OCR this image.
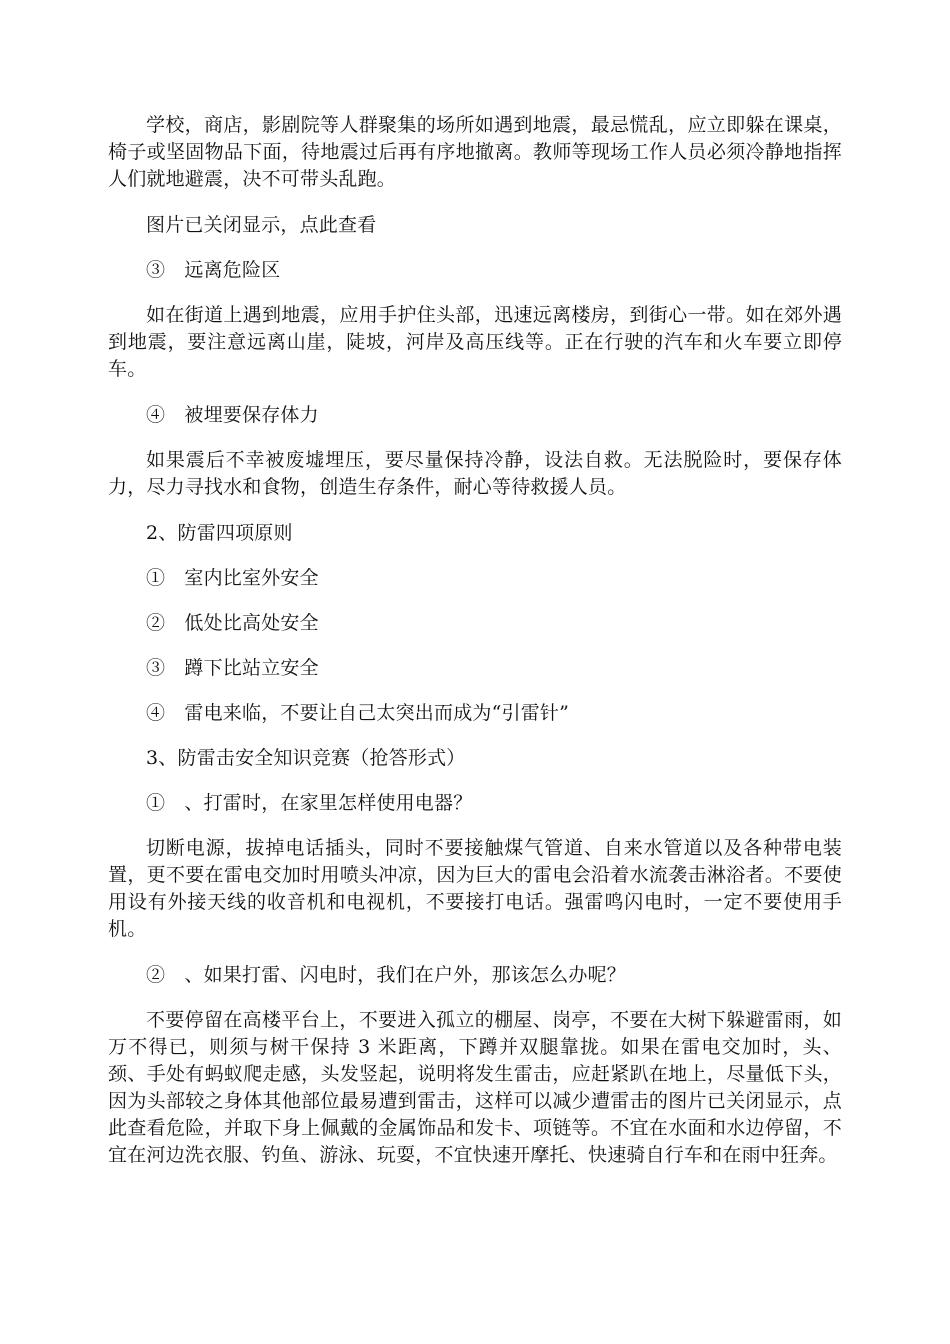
学校，商店，影剧院等人群聚集的场所如遇到地震，最忌慌乱，应立即躲在课桌，椅子或坚固物品下面，待地震过后再有序地撤离。教师等现场工作人员必须冷静地指挥人们就地避震，决不可带头乱跑。

图片已关闭显示，点此查看

③　远离危险区

如在街道上遇到地震，应用手护住头部，迅速远离楼房，到街心一带。如在郊外遇到地震，要注意远离山崖，陡坡，河岸及高压线等。正在行驶的汽车和火车要立即停车。

④　被埋要保存体力

如果震后不幸被废墟埋压，要尽量保持冷静，设法自救。无法脱险时，要保存体力，尽力寻找水和食物，创造生存条件，耐心等待救援人员。

2、防雷四项原则

①　室内比室外安全

②　低处比高处安全

③　蹲下比站立安全

④　雷电来临，不要让自己太突出而成为“引雷针”

3、防雷击安全知识竞赛（抢答形式）

①　、打雷时，在家里怎样使用电器？

切断电源，拔掉电话插头，同时不要接触煤气管道、自来水管道以及各种带电装置，更不要在雷电交加时用喷头冲凉，因为巨大的雷电会沿着水流袭击淋浴者。不要使用设有外接天线的收音机和电视机，不要接打电话。强雷鸣闪电时，一定不要使用手机。

②　、如果打雷、闪电时，我们在户外，那该怎么办呢？

不要停留在高楼平台上，不要进入孤立的棚屋、岗亭，不要在大树下躲避雷雨，如万不得已，则须与树干保持 3 米距离，下蹲并双腿靠拢。如果在雷电交加时，头、颈、手处有蚂蚁爬走感，头发竖起，说明将发生雷击，应赶紧趴在地上，尽量低下头，因为头部较之身体其他部位最易遭到雷击，这样可以减少遭雷击的图片已关闭显示，点此查看危险，并取下身上佩戴的金属饰品和发卡、项链等。不宜在水面和水边停留，不宜在河边洗衣服、钓鱼、游泳、玩耍，不宜快速开摩托、快速骑自行车和在雨中狂奔。
